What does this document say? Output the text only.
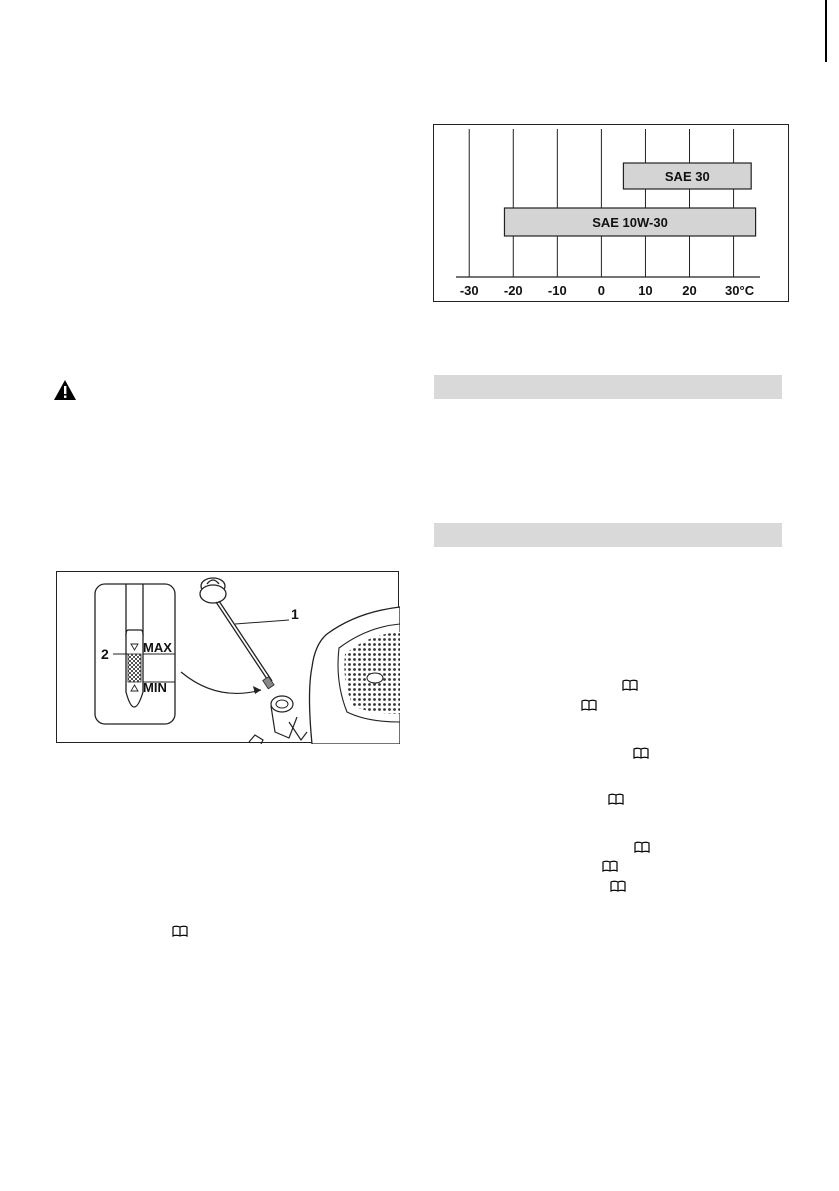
-30 -20 -10 0	10 20 30°C
SAE 30
SAE 10W-30
1
2	MAX
MIN
